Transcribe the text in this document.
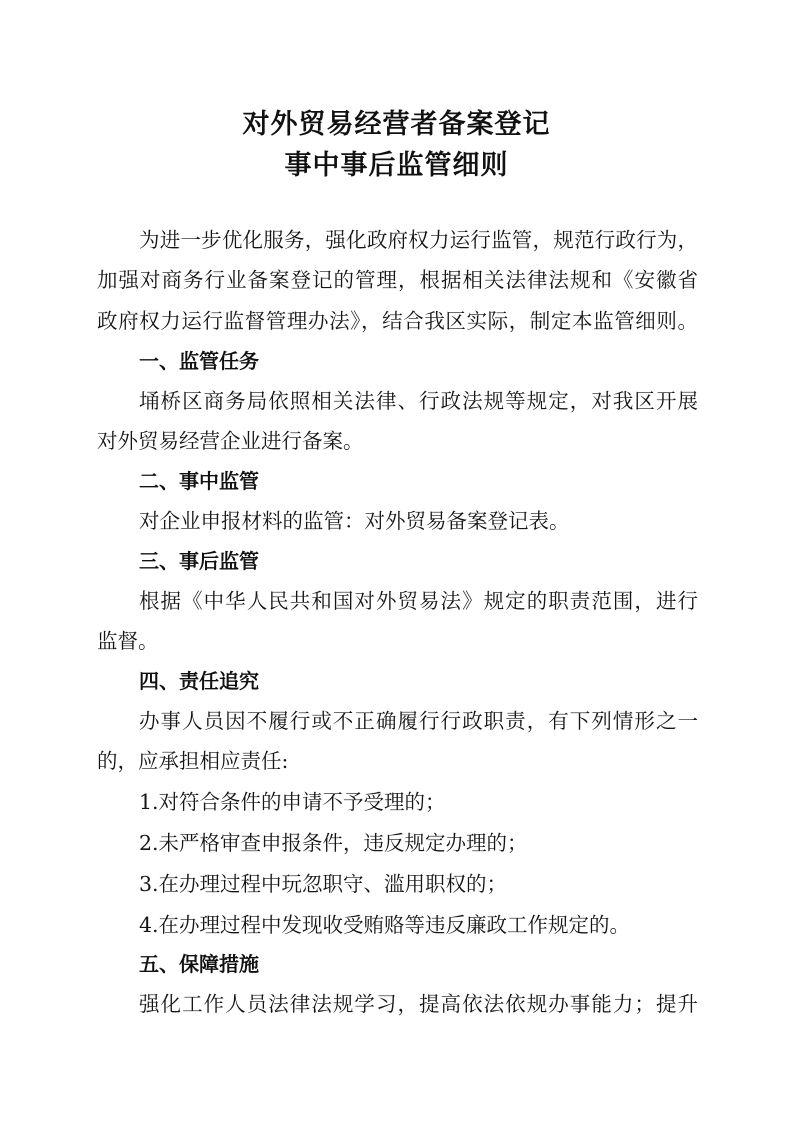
对外贸易经营者备案登记
事中事后监管细则
为进一步优化服务，强化政府权力运行监管，规范行政行为，
加强对商务行业备案登记的管理，根据相关法律法规和《安徽省
政府权力运行监督管理办法》，结合我区实际，制定本监管细则。
一、监管任务
埇桥区商务局依照相关法律、行政法规等规定，对我区开展
对外贸易经营企业进行备案。
二、事中监管
对企业申报材料的监管：对外贸易备案登记表。
三、事后监管
根据《中华人民共和国对外贸易法》规定的职责范围，进行
监督。
四、责任追究
办事人员因不履行或不正确履行行政职责，有下列情形之一
的，应承担相应责任:
1.对符合条件的申请不予受理的；
2.未严格审查申报条件，违反规定办理的；
3.在办理过程中玩忽职守、滥用职权的；
4.在办理过程中发现收受贿赂等违反廉政工作规定的。
五、保障措施
强化工作人员法律法规学习，提高依法依规办事能力；提升
